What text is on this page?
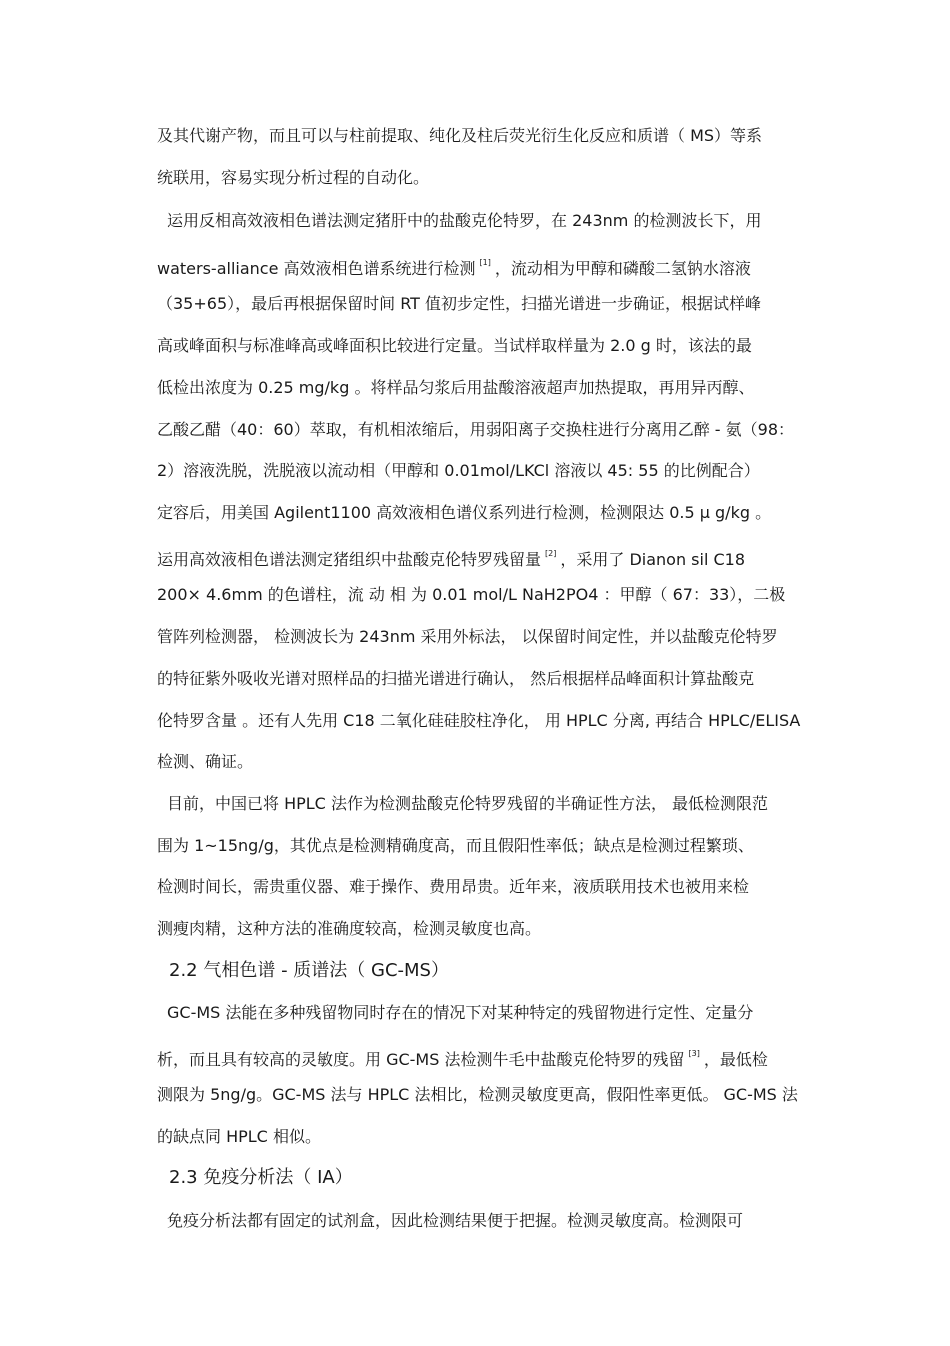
及其代谢产物，而且可以与柱前提取、纯化及柱后荧光衍生化反应和质谱（ MS）等系
统联用，容易实现分析过程的自动化。
运用反相高效液相色谱法测定猪肝中的盐酸克伦特罗，在 243nm 的检测波长下，用
waters-alliance 高效液相色谱系统进行检测 [1] ，流动相为甲醇和磷酸二氢钠水溶液
（35+65），最后再根据保留时间 RT 值初步定性，扫描光谱进一步确证，根据试样峰
高或峰面积与标准峰高或峰面积比较进行定量。当试样取样量为 2.0 g 时，该法的最
低检出浓度为 0.25 mg/kg 。将样品匀浆后用盐酸溶液超声加热提取，再用异丙醇、
乙酸乙醋（40：60）萃取，有机相浓缩后，用弱阳离子交换柱进行分离用乙醉 - 氨（98：
2）溶液洗脱，洗脱液以流动相（甲醇和 0.01mol/LKCl 溶液以 45: 55 的比例配合）
定容后，用美国 Agilent1100 高效液相色谱仪系列进行检测，检测限达 0.5 μ g/kg 。
运用高效液相色谱法测定猪组织中盐酸克伦特罗残留量 [2] ，采用了 Dianon sil C18
200× 4.6mm 的色谱柱，流 动 相 为 0.01 mol/L NaH2PO4 ：甲醇（ 67：33），二极
管阵列检测器， 检测波长为 243nm 采用外标法， 以保留时间定性，并以盐酸克伦特罗
的特征紫外吸收光谱对照样品的扫描光谱进行确认， 然后根据样品峰面积计算盐酸克
伦特罗含量 。还有人先用 C18 二氧化硅硅胶柱净化， 用 HPLC 分离, 再结合 HPLC/ELISA
检测、确证。
目前，中国已将 HPLC 法作为检测盐酸克伦特罗残留的半确证性方法， 最低检测限范
围为 1~15ng/g，其优点是检测精确度高，而且假阳性率低；缺点是检测过程繁琐、
检测时间长，需贵重仪器、难于操作、费用昂贵。近年来，液质联用技术也被用来检
测瘦肉精，这种方法的准确度较高，检测灵敏度也高。
2.2 气相色谱 - 质谱法（ GC-MS）
GC-MS 法能在多种残留物同时存在的情况下对某种特定的残留物进行定性、定量分
析，而且具有较高的灵敏度。用 GC-MS 法检测牛毛中盐酸克伦特罗的残留 [3] ，最低检
测限为 5ng/g。GC-MS 法与 HPLC 法相比，检测灵敏度更高，假阳性率更低。 GC-MS 法
的缺点同 HPLC 相似。
2.3 免疫分析法（ IA）
免疫分析法都有固定的试剂盒，因此检测结果便于把握。检测灵敏度高。检测限可
